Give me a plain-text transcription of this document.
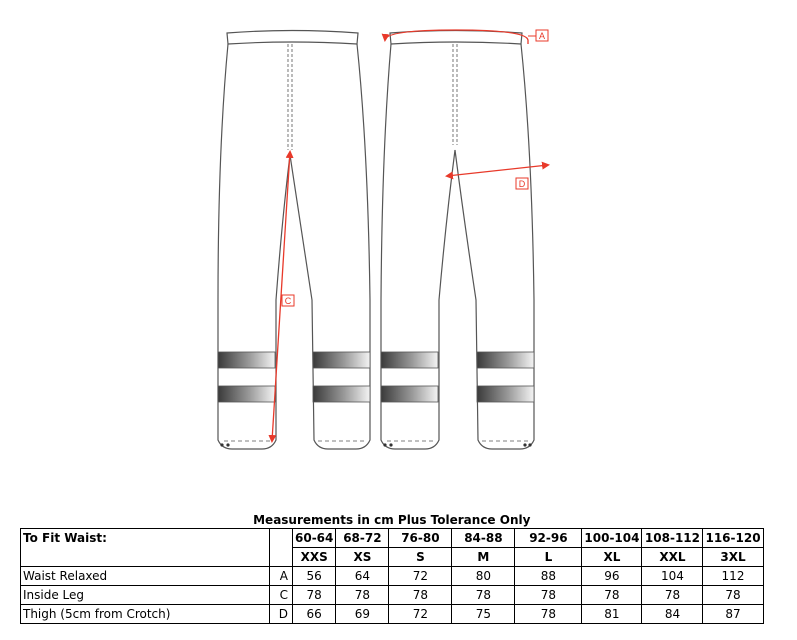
A
C
D
Measurements in cm Plus Tolerance Only									
To Fit Waist:		60-64	68-72	76-80	84-88	92-96	100-104	108-112	116-120
		XXS	XS	S	M	L	XL	XXL	3XL
Waist Relaxed	A	56	64	72	80	88	96	104	112
Inside Leg	C	78	78	78	78	78	78	78	78
Thigh (5cm from Crotch)	D	66	69	72	75	78	81	84	87
